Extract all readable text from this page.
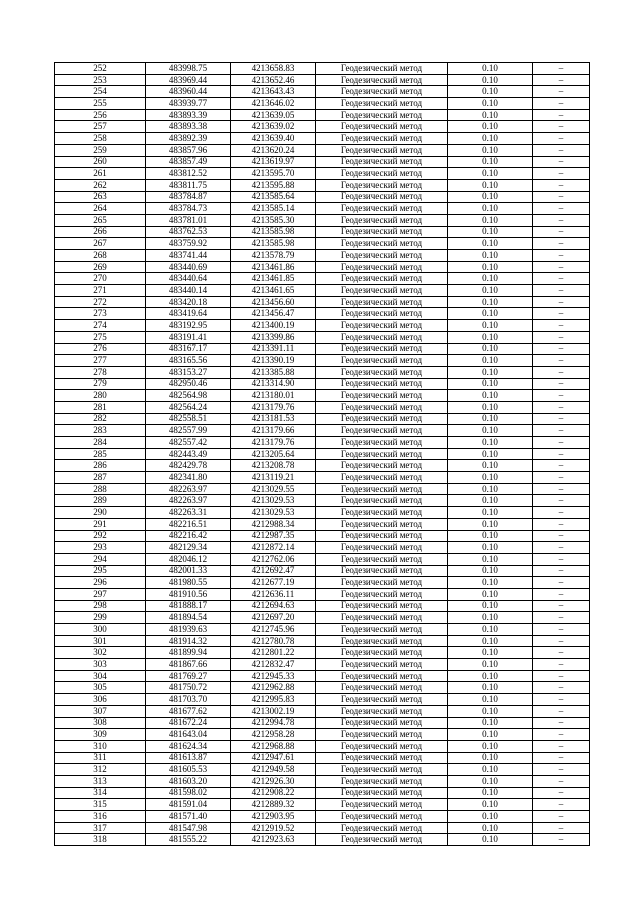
252	483998.75	4213658.83	Геодезический метод	0.10	–
253	483969.44	4213652.46	Геодезический метод	0.10	–
254	483960.44	4213643.43	Геодезический метод	0.10	–
255	483939.77	4213646.02	Геодезический метод	0.10	–
256	483893.39	4213639.05	Геодезический метод	0.10	–
257	483893.38	4213639.02	Геодезический метод	0.10	–
258	483892.39	4213639.40	Геодезический метод	0.10	–
259	483857.96	4213620.24	Геодезический метод	0.10	–
260	483857.49	4213619.97	Геодезический метод	0.10	–
261	483812.52	4213595.70	Геодезический метод	0.10	–
262	483811.75	4213595.88	Геодезический метод	0.10	–
263	483784.87	4213585.64	Геодезический метод	0.10	–
264	483784.73	4213585.14	Геодезический метод	0.10	–
265	483781.01	4213585.30	Геодезический метод	0.10	–
266	483762.53	4213585.98	Геодезический метод	0.10	–
267	483759.92	4213585.98	Геодезический метод	0.10	–
268	483741.44	4213578.79	Геодезический метод	0.10	–
269	483440.69	4213461.86	Геодезический метод	0.10	–
270	483440.64	4213461.85	Геодезический метод	0.10	–
271	483440.14	4213461.65	Геодезический метод	0.10	–
272	483420.18	4213456.60	Геодезический метод	0.10	–
273	483419.64	4213456.47	Геодезический метод	0.10	–
274	483192.95	4213400.19	Геодезический метод	0.10	–
275	483191.41	4213399.86	Геодезический метод	0.10	–
276	483167.17	4213391.11	Геодезический метод	0.10	–
277	483165.56	4213390.19	Геодезический метод	0.10	–
278	483153.27	4213385.88	Геодезический метод	0.10	–
279	482950.46	4213314.90	Геодезический метод	0.10	–
280	482564.98	4213180.01	Геодезический метод	0.10	–
281	482564.24	4213179.76	Геодезический метод	0.10	–
282	482558.51	4213181.53	Геодезический метод	0.10	–
283	482557.99	4213179.66	Геодезический метод	0.10	–
284	482557.42	4213179.76	Геодезический метод	0.10	–
285	482443.49	4213205.64	Геодезический метод	0.10	–
286	482429.78	4213208.78	Геодезический метод	0.10	–
287	482341.80	4213119.21	Геодезический метод	0.10	–
288	482263.97	4213029.55	Геодезический метод	0.10	–
289	482263.97	4213029.53	Геодезический метод	0.10	–
290	482263.31	4213029.53	Геодезический метод	0.10	–
291	482216.51	4212988.34	Геодезический метод	0.10	–
292	482216.42	4212987.35	Геодезический метод	0.10	–
293	482129.34	4212872.14	Геодезический метод	0.10	–
294	482046.12	4212762.06	Геодезический метод	0.10	–
295	482001.33	4212692.47	Геодезический метод	0.10	–
296	481980.55	4212677.19	Геодезический метод	0.10	–
297	481910.56	4212636.11	Геодезический метод	0.10	–
298	481888.17	4212694.63	Геодезический метод	0.10	–
299	481894.54	4212697.20	Геодезический метод	0.10	–
300	481939.63	4212745.96	Геодезический метод	0.10	–
301	481914.32	4212780.78	Геодезический метод	0.10	–
302	481899.94	4212801.22	Геодезический метод	0.10	–
303	481867.66	4212832.47	Геодезический метод	0.10	–
304	481769.27	4212945.33	Геодезический метод	0.10	–
305	481750.72	4212962.88	Геодезический метод	0.10	–
306	481703.70	4212995.83	Геодезический метод	0.10	–
307	481677.62	4213002.19	Геодезический метод	0.10	–
308	481672.24	4212994.78	Геодезический метод	0.10	–
309	481643.04	4212958.28	Геодезический метод	0.10	–
310	481624.34	4212968.88	Геодезический метод	0.10	–
311	481613.87	4212947.61	Геодезический метод	0.10	–
312	481605.53	4212949.58	Геодезический метод	0.10	–
313	481603.20	4212926.30	Геодезический метод	0.10	–
314	481598.02	4212908.22	Геодезический метод	0.10	–
315	481591.04	4212889.32	Геодезический метод	0.10	–
316	481571.40	4212903.95	Геодезический метод	0.10	–
317	481547.98	4212919.52	Геодезический метод	0.10	–
318	481555.22	4212923.63	Геодезический метод	0.10	–
